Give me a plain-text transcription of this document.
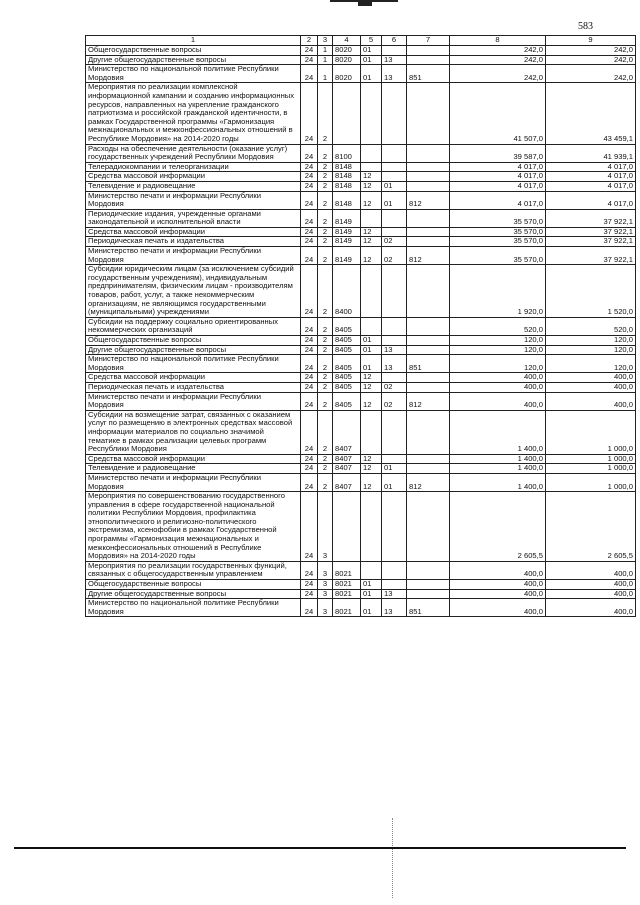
583
1	2	3	4	5	6	7	8	9
Общегосударственные вопросы	24	1	8020	01			242,0	242,0
Другие общегосударственные вопросы	24	1	8020	01	13		242,0	242,0
Министерство по национальной политике Республики Мордовия	24	1	8020	01	13	851	242,0	242,0
Мероприятия по реализации комплексной информационной кампании и созданию информационных ресурсов, направленных на укрепление гражданского патриотизма и российской гражданской идентичности, в рамках Государственной программы «Гармонизация межнациональных и межконфессиональных отношений в Республике Мордовия» на 2014-2020 годы	24	2					41 507,0	43 459,1
Расходы на обеспечение деятельности (оказание услуг) государственных учреждений Республики Мордовия	24	2	8100				39 587,0	41 939,1
Телерадиокомпании и телеорганизации	24	2	8148				4 017,0	4 017,0
Средства массовой информации	24	2	8148	12			4 017,0	4 017,0
Телевидение и радиовещание	24	2	8148	12	01		4 017,0	4 017,0
Министерство печати и информации Республики Мордовия	24	2	8148	12	01	812	4 017,0	4 017,0
Периодические издания, учрежденные органами законодательной и исполнительной власти	24	2	8149				35 570,0	37 922,1
Средства массовой информации	24	2	8149	12			35 570,0	37 922,1
Периодическая печать и издательства	24	2	8149	12	02		35 570,0	37 922,1
Министерство печати и информации Республики Мордовия	24	2	8149	12	02	812	35 570,0	37 922,1
Субсидии юридическим лицам (за исключением субсидий государственным учреждениям), индивидуальным предпринимателям, физическим лицам - производителям товаров, работ, услуг, а также некоммерческим организациям, не являющимся государственными (муниципальными) учреждениями	24	2	8400				1 920,0	1 520,0
Субсидии на поддержку социально ориентированных некоммерческих организаций	24	2	8405				520,0	520,0
Общегосударственные вопросы	24	2	8405	01			120,0	120,0
Другие общегосударственные вопросы	24	2	8405	01	13		120,0	120,0
Министерство по национальной политике Республики Мордовия	24	2	8405	01	13	851	120,0	120,0
Средства массовой информации	24	2	8405	12			400,0	400,0
Периодическая печать и издательства	24	2	8405	12	02		400,0	400,0
Министерство печати и информации Республики Мордовия	24	2	8405	12	02	812	400,0	400,0
Субсидии на возмещение затрат, связанных с оказанием услуг по размещению в электронных средствах массовой информации материалов по социально значимой тематике в рамках реализации целевых программ Республики Мордовия	24	2	8407				1 400,0	1 000,0
Средства массовой информации	24	2	8407	12			1 400,0	1 000,0
Телевидение и радиовещание	24	2	8407	12	01		1 400,0	1 000,0
Министерство печати и информации Республики Мордовия	24	2	8407	12	01	812	1 400,0	1 000,0
Мероприятия по совершенствованию государственного управления в сфере государственной национальной политики Республики Мордовия, профилактика этнополитического и религиозно-политического экстремизма, ксенофобии в рамках Государственной программы «Гармонизация межнациональных и межконфессиональных отношений в Республике Мордовия» на 2014-2020 годы	24	3					2 605,5	2 605,5
Мероприятия по реализации государственных функций, связанных с общегосударственным управлением	24	3	8021				400,0	400,0
Общегосударственные вопросы	24	3	8021	01			400,0	400,0
Другие общегосударственные вопросы	24	3	8021	01	13		400,0	400,0
Министерство по национальной политике Республики Мордовия	24	3	8021	01	13	851	400,0	400,0
